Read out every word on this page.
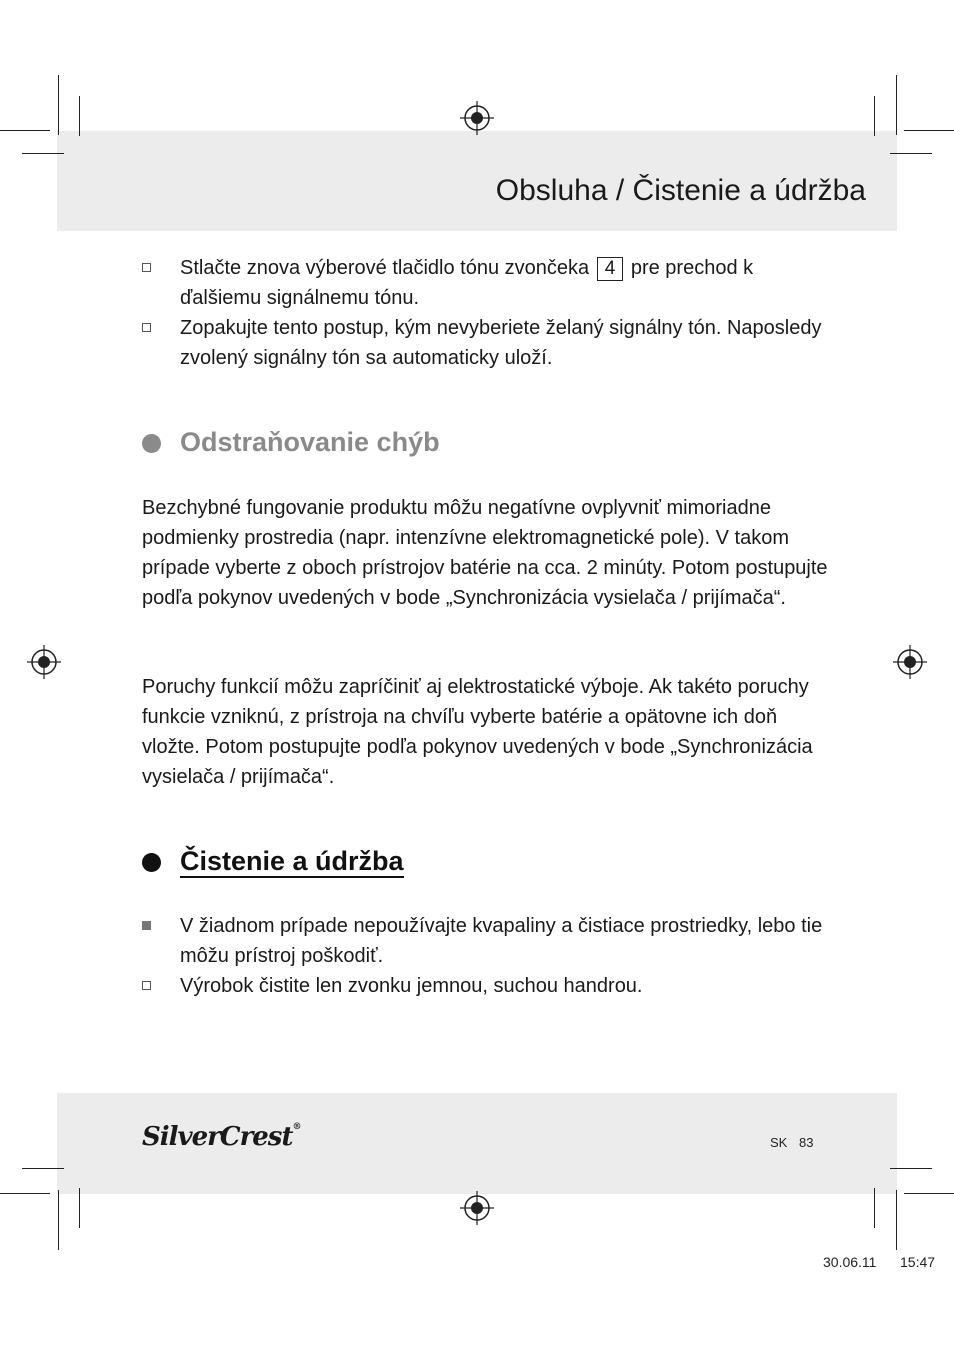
Obsluha / Čistenie a údržba
Stlačte znova výberové tlačidlo tónu zvončeka 4 pre prechod k ďalšiemu signálnemu tónu.
Zopakujte tento postup, kým nevyberiete želaný signálny tón. Naposledy zvolený signálny tón sa automaticky uloží.
Odstraňovanie chýb

Bezchybné fungovanie produktu môžu negatívne ovplyvniť mimoriadne podmienky prostredia (napr. intenzívne elektromagnetické pole). V takom prípade vyberte z oboch prístrojov batérie na cca. 2 minúty. Potom postupujte podľa pokynov uvedených v bode „Synchronizácia vysielača / prijímača“.

Poruchy funkcií môžu zapríčiniť aj elektrostatické výboje. Ak takéto poruchy funkcie vzniknú, z prístroja na chvíľu vyberte batérie a opätovne ich doň vložte. Potom postupujte podľa pokynov uvedených v bode „Synchronizácia vysielača / prijímača“.

Čistenie a údržba
V žiadnom prípade nepoužívajte kvapaliny a čistiace prostriedky, lebo tie môžu prístroj poškodiť.
Výrobok čistite len zvonku jemnou, suchou handrou.
SilverCrest®
SK 83
30.06.11 15:47
